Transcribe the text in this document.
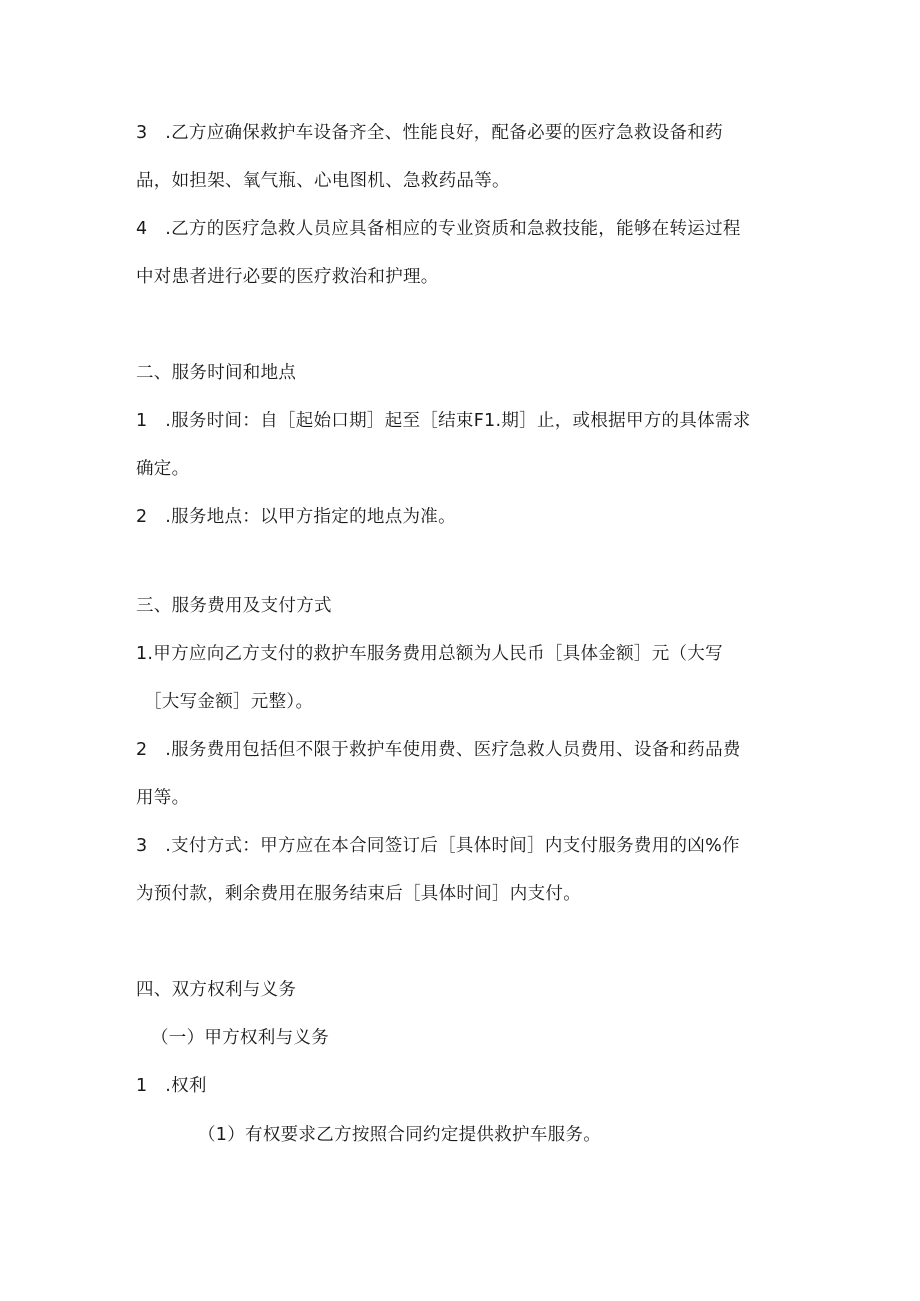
3　.乙方应确保救护车设备齐全、性能良好，配备必要的医疗急救设备和药
品，如担架、氧气瓶、心电图机、急救药品等。
4　.乙方的医疗急救人员应具备相应的专业资质和急救技能，能够在转运过程
中对患者进行必要的医疗救治和护理。
二、服务时间和地点
1　.服务时间：自［起始口期］起至［结束F1.期］止，或根据甲方的具体需求
确定。
2　.服务地点：以甲方指定的地点为准。
三、服务费用及支付方式
1.甲方应向乙方支付的救护车服务费用总额为人民币［具体金额］元（大写
［大写金额］元整）。
2　.服务费用包括但不限于救护车使用费、医疗急救人员费用、设备和药品费
用等。
3　.支付方式：甲方应在本合同签订后［具体时间］内支付服务费用的凶%作
为预付款，剩余费用在服务结束后［具体时间］内支付。
四、双方权利与义务
（一）甲方权利与义务
1　.权利
（1）有权要求乙方按照合同约定提供救护车服务。
